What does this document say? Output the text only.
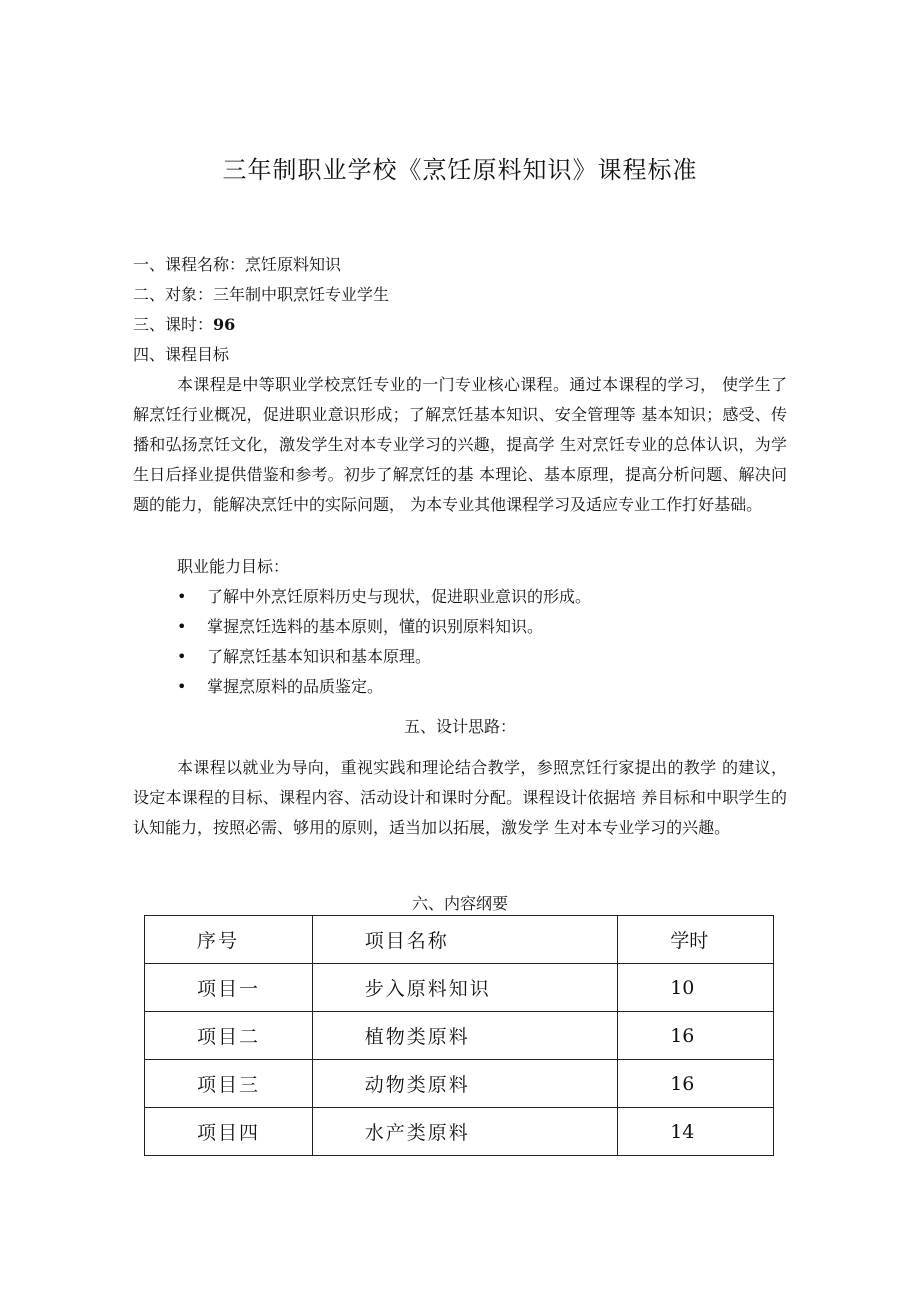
三年制职业学校《烹饪原料知识》课程标准
一、课程名称：烹饪原料知识
二、对象：三年制中职烹饪专业学生
三、课时：96
四、课程目标
本课程是中等职业学校烹饪专业的一门专业核心课程。通过本课程的学习， 使学生了解烹饪行业概况，促进职业意识形成；了解烹饪基本知识、安全管理等 基本知识；感受、传播和弘扬烹饪文化，激发学生对本专业学习的兴趣，提高学 生对烹饪专业的总体认识，为学生日后择业提供借鉴和参考。初步了解烹饪的基 本理论、基本原理，提高分析问题、解决问题的能力，能解决烹饪中的实际问题， 为本专业其他课程学习及适应专业工作打好基础。
职业能力目标：
• 了解中外烹饪原料历史与现状，促进职业意识的形成。
• 掌握烹饪选料的基本原则，懂的识别原料知识。
• 了解烹饪基本知识和基本原理。
• 掌握烹原料的品质鉴定。
五、设计思路：
本课程以就业为导向，重视实践和理论结合教学，参照烹饪行家提出的教学 的建议，设定本课程的目标、课程内容、活动设计和课时分配。课程设计依据培 养目标和中职学生的认知能力，按照必需、够用的原则，适当加以拓展，激发学 生对本专业学习的兴趣。
六、内容纲要
序号	项目名称	学时
项目一	步入原料知识	10
项目二	植物类原料	16
项目三	动物类原料	16
项目四	水产类原料	14
